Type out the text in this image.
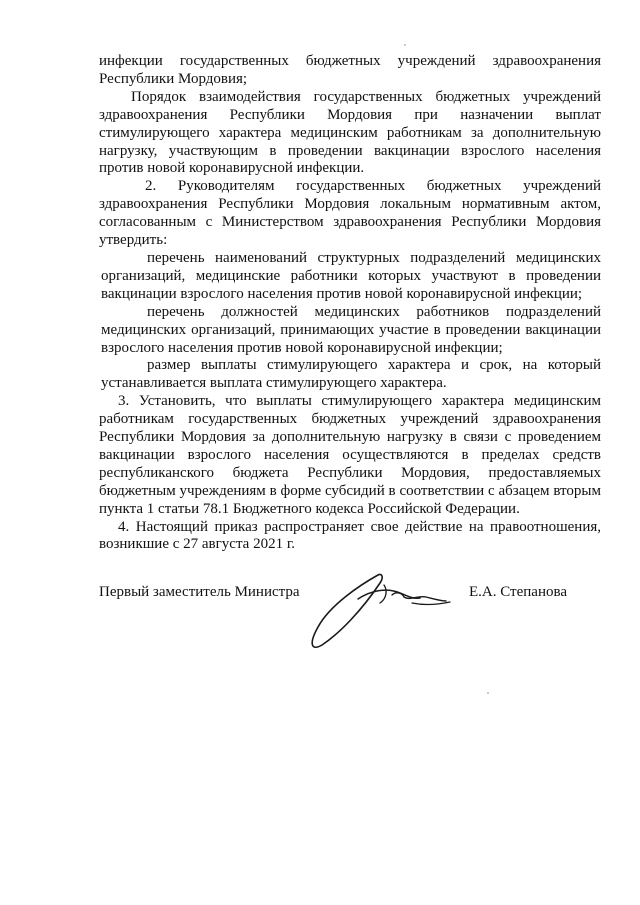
инфекции государственных бюджетных учреждений здравоохранения Республики Мордовия;

Порядок взаимодействия государственных бюджетных учреждений здравоохранения Республики Мордовия при назначении выплат стимулирующего характера медицинским работникам за дополнительную нагрузку, участвующим в проведении вакцинации взрослого населения против новой коронавирусной инфекции.

2. Руководителям государственных бюджетных учреждений здравоохранения Республики Мордовия локальным нормативным актом, согласованным с Министерством здравоохранения Республики Мордовия утвердить:

перечень наименований структурных подразделений медицинских организаций, медицинские работники которых участвуют в проведении вакцинации взрослого населения против новой коронавирусной инфекции;

перечень должностей медицинских работников подразделений медицинских организаций, принимающих участие в проведении вакцинации взрослого населения против новой коронавирусной инфекции;

размер выплаты стимулирующего характера и срок, на который устанавливается выплата стимулирующего характера.

3. Установить, что выплаты стимулирующего характера медицинским работникам государственных бюджетных учреждений здравоохранения Республики Мордовия за дополнительную нагрузку в связи с проведением вакцинации взрослого населения осуществляются в пределах средств республиканского бюджета Республики Мордовия, предоставляемых бюджетным учреждениям в форме субсидий в соответствии с абзацем вторым пункта 1 статьи 78.1 Бюджетного кодекса Российской Федерации.

4. Настоящий приказ распространяет свое действие на правоотношения, возникшие с 27 августа 2021 г.

Первый заместитель Министра	Е.А. Степанова
